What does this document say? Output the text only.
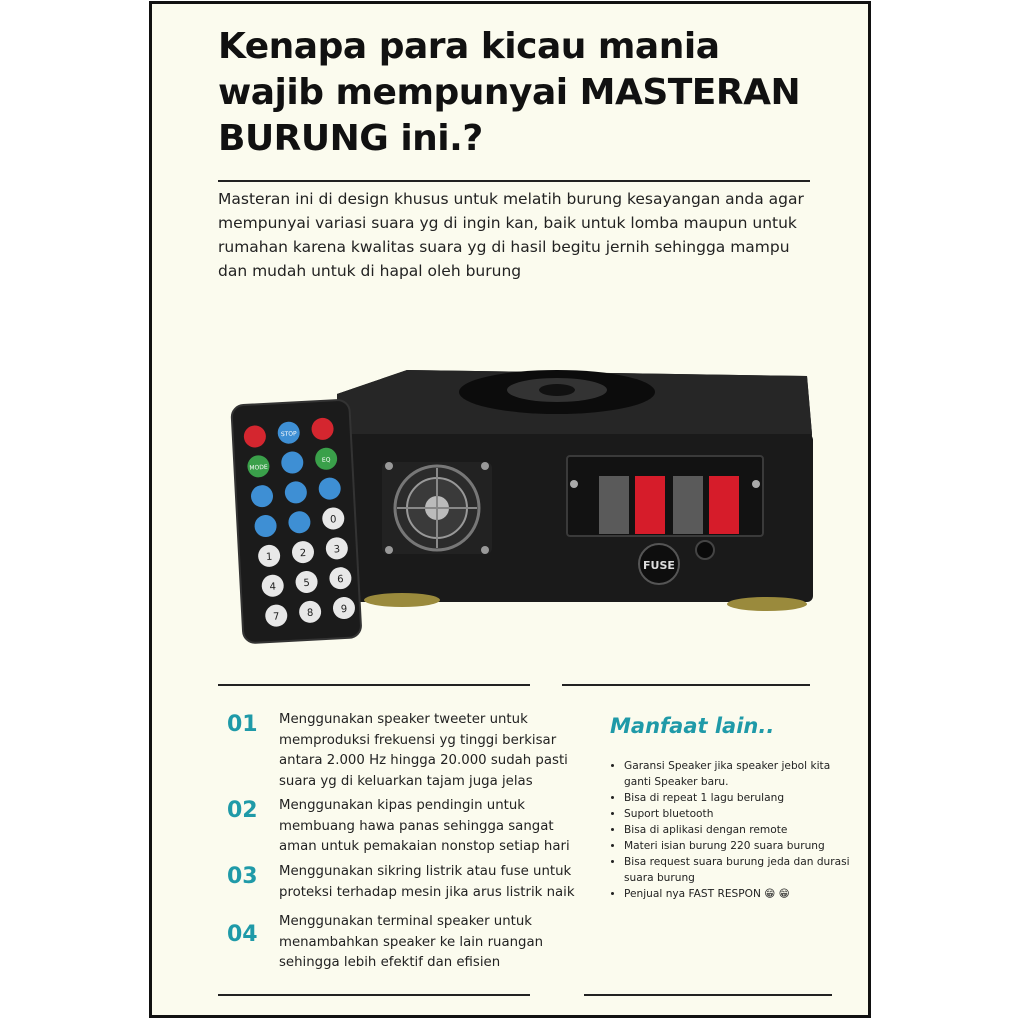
Kenapa para kicau mania
wajib mempunyai MASTERAN
BURUNG ini.?
Masteran ini di design khusus untuk melatih burung kesayangan anda agar mempunyai variasi suara yg di ingin kan, baik untuk lomba maupun untuk rumahan karena kwalitas suara yg di hasil begitu jernih sehingga mampu dan mudah untuk di hapal oleh burung
FUSE
STOP
MODE
EQ
0
1	2	3
4	5	6
7	8	9
01 Menggunakan speaker tweeter untuk memproduksi frekuensi yg tinggi berkisar antara 2.000 Hz hingga 20.000 sudah pasti suara yg di keluarkan tajam juga jelas
02 Menggunakan kipas pendingin untuk membuang hawa panas sehingga sangat aman untuk pemakaian nonstop setiap hari
03 Menggunakan sikring listrik atau fuse untuk proteksi terhadap mesin jika arus listrik naik
04
Menggunakan terminal speaker untuk menambahkan speaker ke lain ruangan sehingga lebih efektif dan efisien
Manfaat lain..
• Garansi Speaker jika speaker jebol kita ganti Speaker baru.
• Bisa di repeat 1 lagu berulang
• Suport bluetooth
• Bisa di aplikasi dengan remote
• Materi isian burung 220 suara burung
• Bisa request suara burung jeda dan durasi suara burung
• Penjual nya FAST RESPON 😁 😁
